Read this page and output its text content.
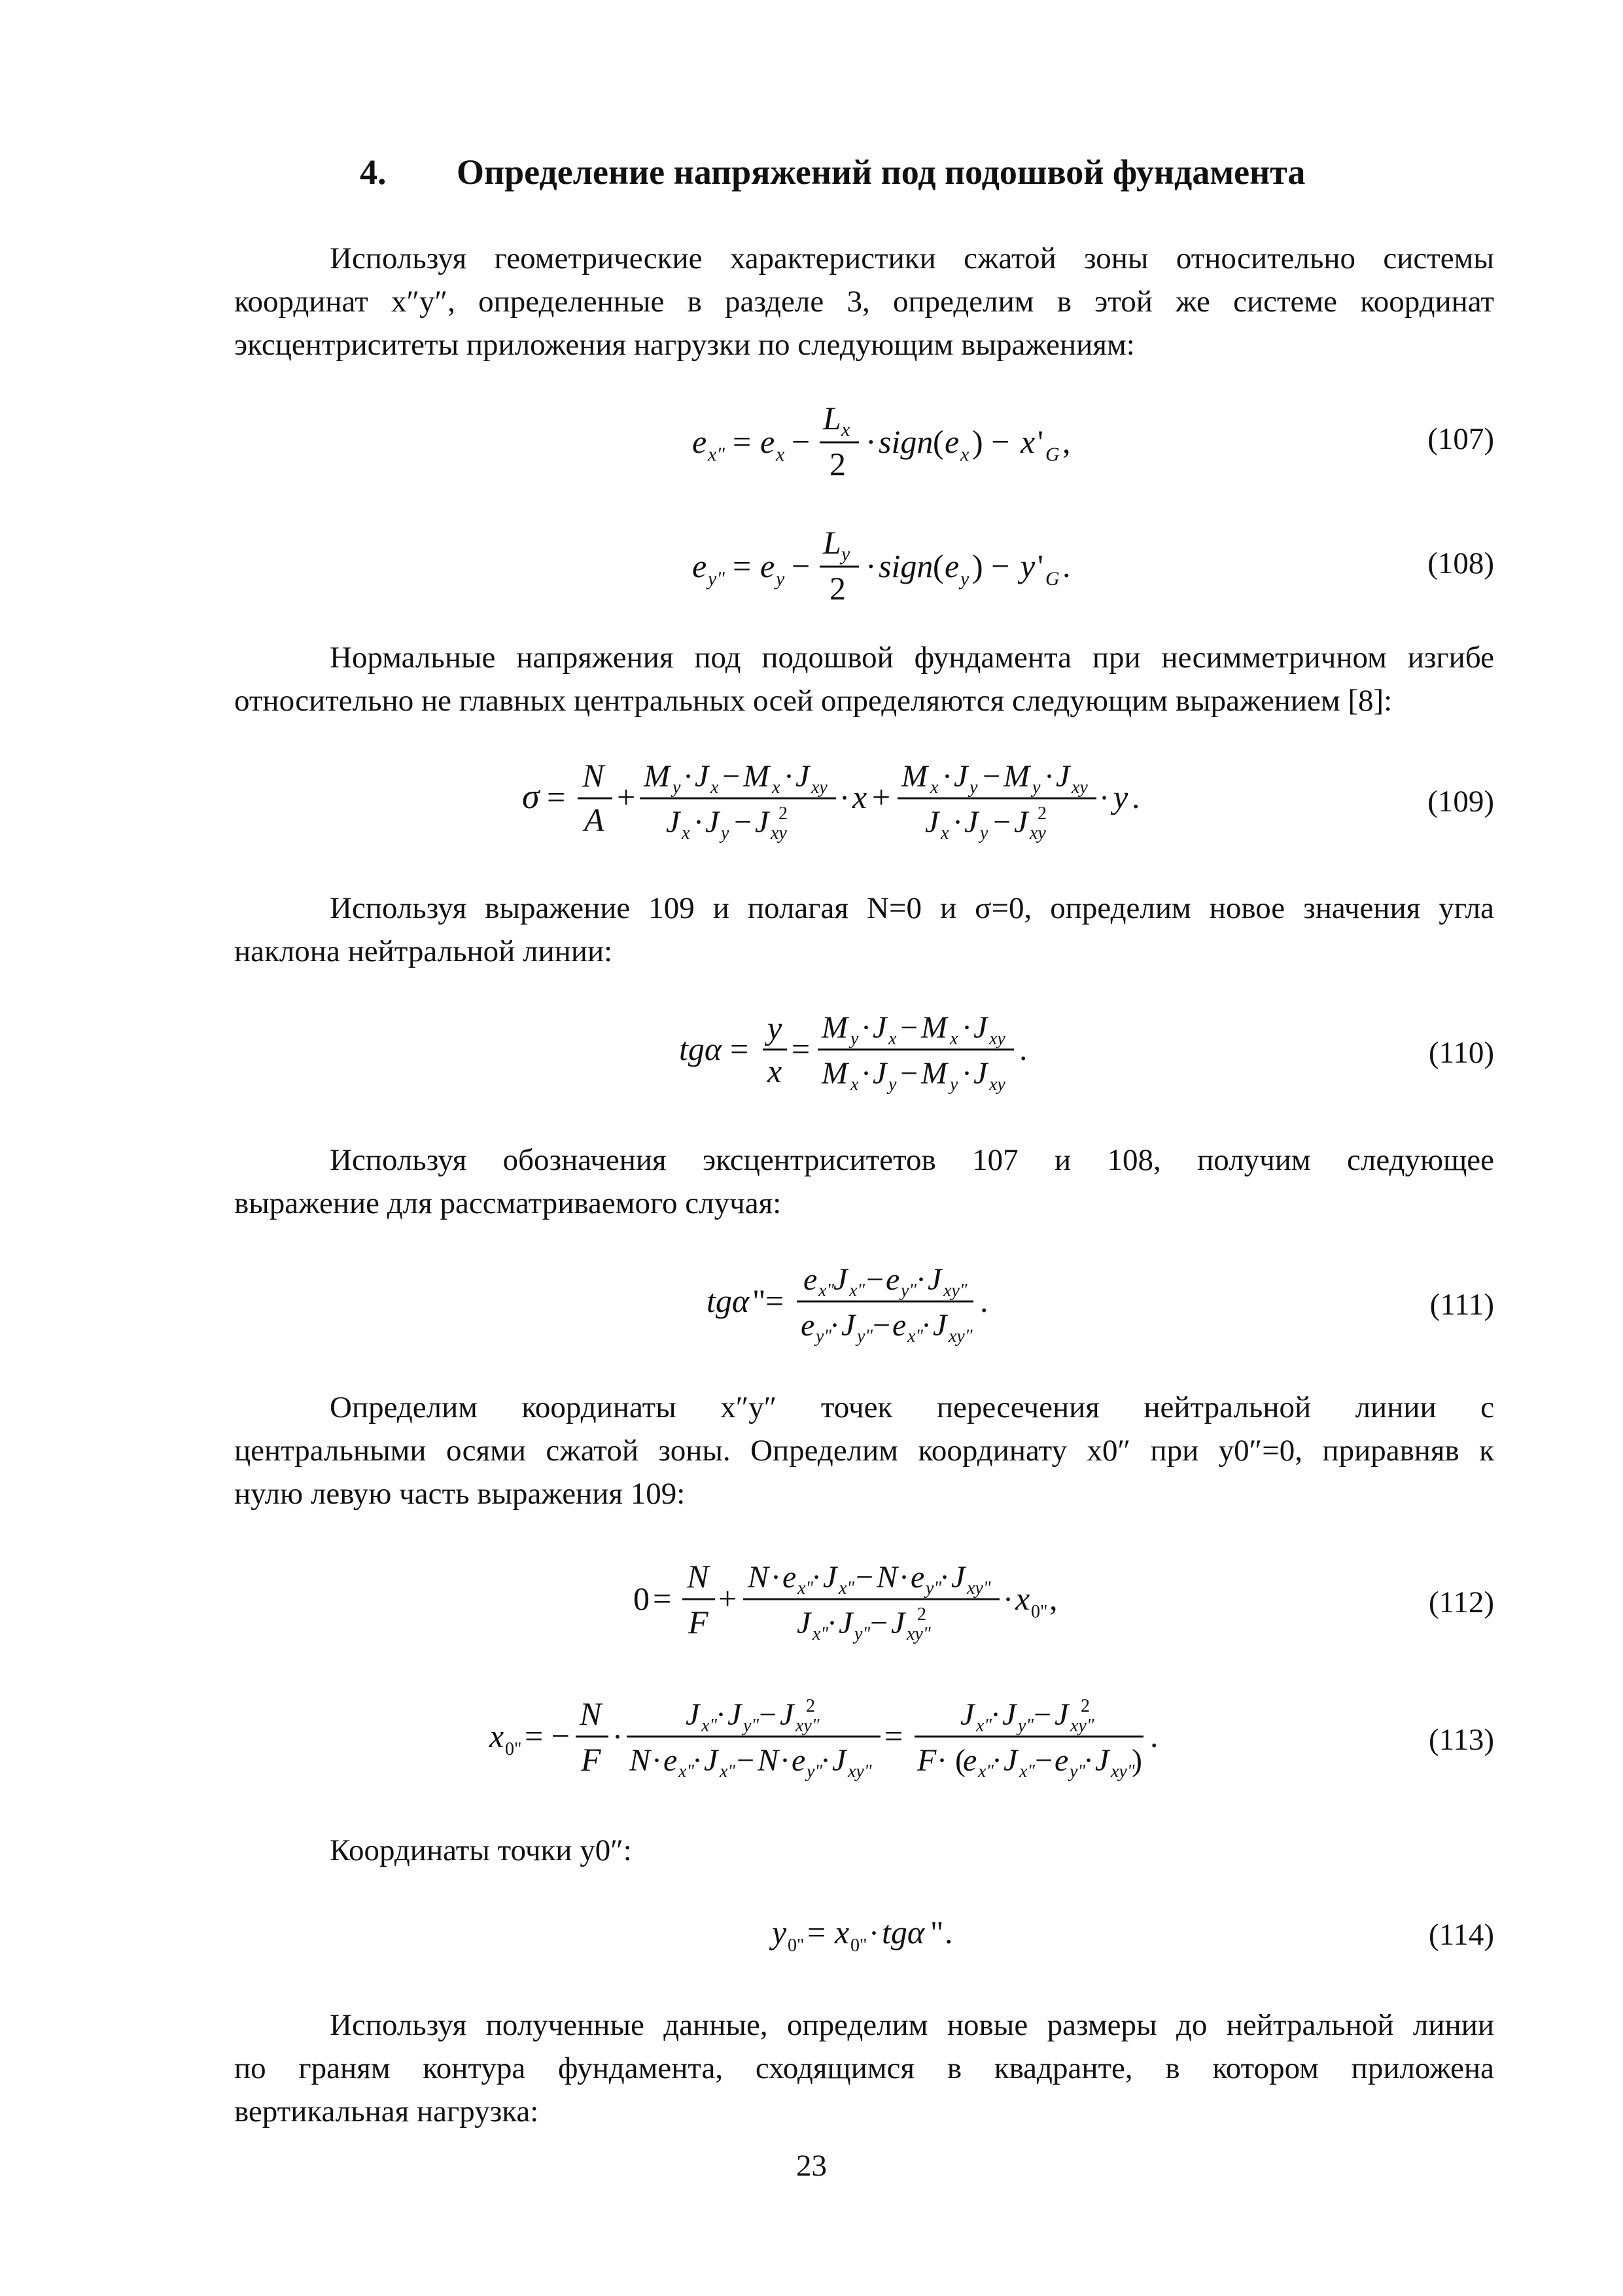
4. Определение напряжений под подошвой фундамента
Используя геометрические характеристики сжатой зоны относительно системы
координат x″y″, определенные в разделе 3, определим в этой же системе координат
эксцентриситеты приложения нагрузки по следующим выражениям:
e x" = e x −
L x
2
· sign ( e x ) − x ' G ,	(107)
e y" = e y −
L y
2
· sign ( e y ) − y ' G .	(108)
Нормальные напряжения под подошвой фундамента при несимметричном изгибе
относительно не главных центральных осей определяются следующим выражением [8]:
σ =
N
A
+
M y · J x − M x · J xy
J x · J y − J xy
2 · x +
M x · J y − M y · J xy
J x · J y − J xy
2 · y .	(109)
Используя выражение 109 и полагая N=0 и σ=0, определим новое значения угла
наклона нейтральной линии:
tgα =
y
x
=
M y · J x − M x · J xy
M x · J y − M y · J xy
.	(110)
Используя обозначения эксцентриситетов 107 и 108, получим следующее
выражение для рассматриваемого случая:
tgα " =
e x"
J x" − e y"
· J xy"
e y"
· J y" − e x"
· J xy"
.	(111)
Определим координаты x″y″ точек пересечения нейтральной линии с
центральными осями сжатой зоны. Определим координату x0″ при y0″=0, приравняв к
нулю левую часть выражения 109:
0 =
N
F
+
N · e x"
· J x" − N · e y"
· J xy"
J x"
· J y" − J xy"
2 · x 0" ,	(112)
x 0" = −
N
F
·
J x"
· J y" − J xy"
2
N · e x"
· J x" − N · e y"
· J xy"
=
J x"
· J y" − J xy"
2
F · (
e x"
· J x" − e y"
· J xy"
)
.	(113)
Координаты точки y0″:
y 0" = x 0" · tgα " .	(114)
Используя полученные данные, определим новые размеры до нейтральной линии
по граням контура фундамента, сходящимся в квадранте, в котором приложена
вертикальная нагрузка:
23
